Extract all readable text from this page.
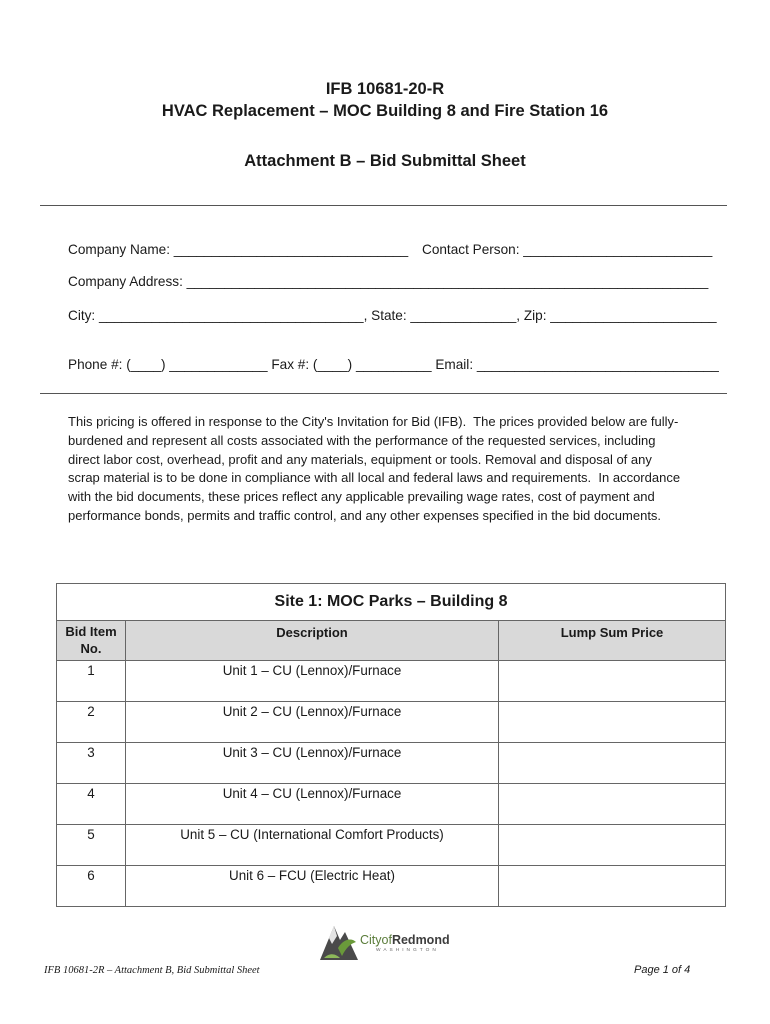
IFB 10681-20-R
HVAC Replacement – MOC Building 8 and Fire Station 16
Attachment B – Bid Submittal Sheet
Company Name: _______________________________ Contact Person: _________________________
Company Address: _____________________________________________________________________
City: ___________________________________, State: ______________, Zip: ______________________
Phone #: (____) _____________ Fax #: (____) __________ Email: ________________________________
This pricing is offered in response to the City's Invitation for Bid (IFB).  The prices provided below are fully-
burdened and represent all costs associated with the performance of the requested services, including
direct labor cost, overhead, profit and any materials, equipment or tools. Removal and disposal of any
scrap material is to be done in compliance with all local and federal laws and requirements.  In accordance
with the bid documents, these prices reflect any applicable prevailing wage rates, cost of payment and
performance bonds, permits and traffic control, and any other expenses specified in the bid documents.
Site 1: MOC Parks – Building 8		
Bid Item
No.	Description	Lump Sum Price
1	Unit 1 – CU (Lennox)/Furnace	
2	Unit 2 – CU (Lennox)/Furnace	
3	Unit 3 – CU (Lennox)/Furnace	
4	Unit 4 – CU (Lennox)/Furnace	
5	Unit 5 – CU (International Comfort Products)	
6	Unit 6 – FCU (Electric Heat)	
CityofRedmond
WASHINGTON
IFB 10681-2R – Attachment B, Bid Submittal Sheet	Page 1 of 4
